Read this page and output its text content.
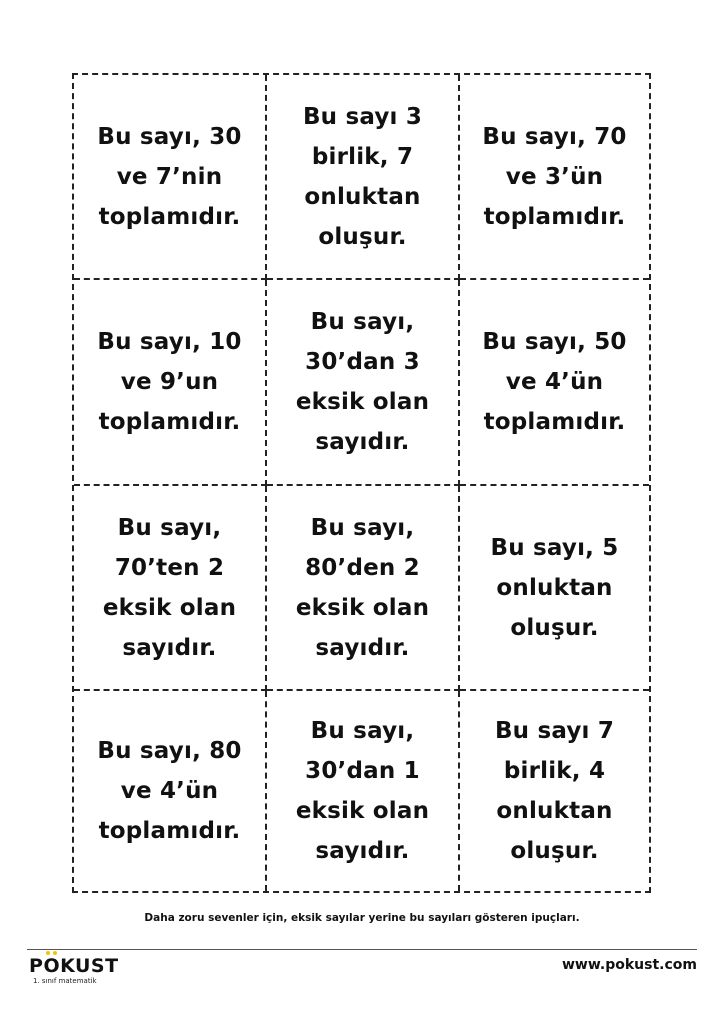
Bu sayı, 30 ve 7’nin toplamıdır.
Bu sayı 3 birlik, 7 onluktan oluşur.
Bu sayı, 70 ve 3’ün toplamıdır.
Bu sayı, 10 ve 9’un toplamıdır.
Bu sayı, 30’dan 3 eksik olan sayıdır.
Bu sayı, 50 ve 4’ün toplamıdır.
Bu sayı, 70’ten 2 eksik olan sayıdır.
Bu sayı, 80’den 2 eksik olan sayıdır.
Bu sayı, 5 onluktan oluşur.
Bu sayı, 80 ve 4’ün toplamıdır.
Bu sayı, 30’dan 1 eksik olan sayıdır.
Bu sayı 7 birlik, 4 onluktan oluşur.
Daha zoru sevenler için, eksik sayılar yerine bu sayıları gösteren ipuçları.
P
OKUST
1. sınıf matematik
www.pokust.com
